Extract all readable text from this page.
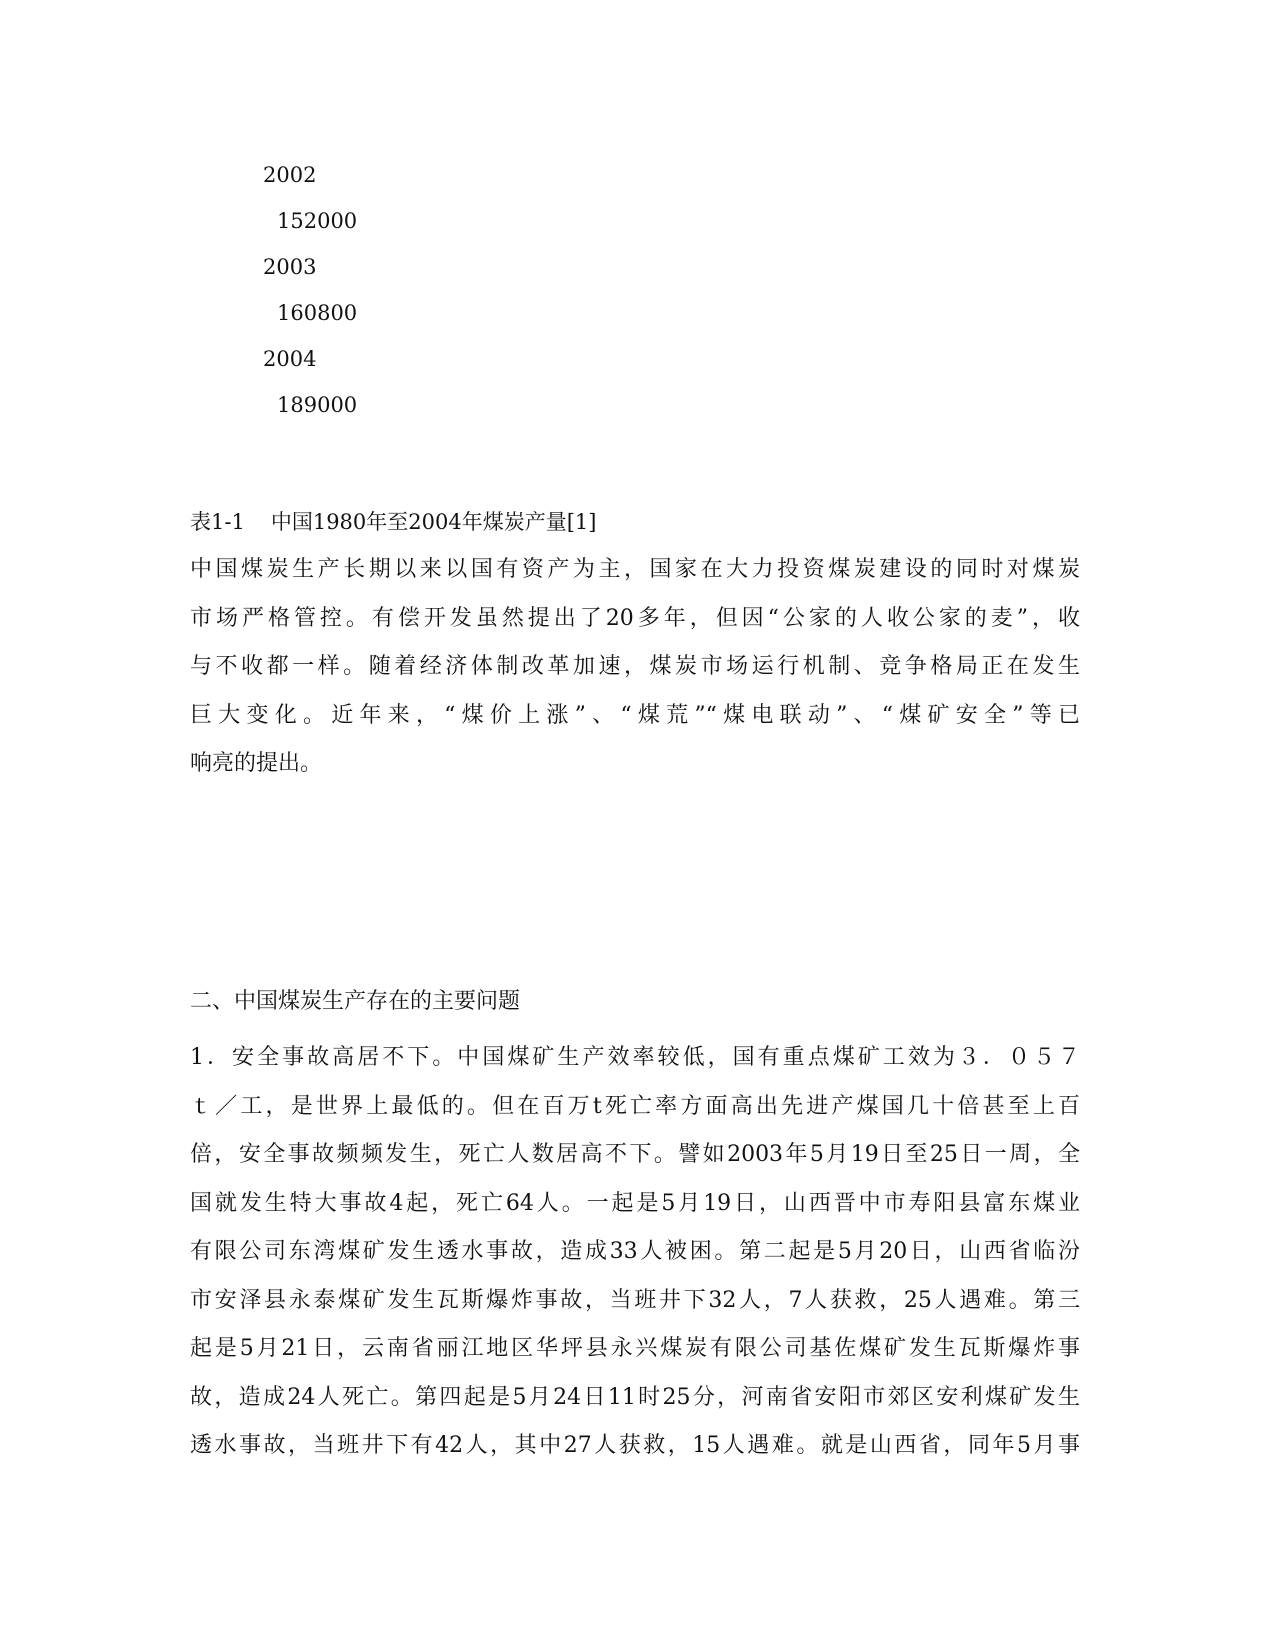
2002
152000
2003
160800
2004
189000
表1-1 中国1980年至2004年煤炭产量[1]

中国煤炭生产长期以来以国有资产为主，国家在大力投资煤炭建设的同时对煤炭
市场严格管控。有偿开发虽然提出了20多年，但因“公家的人收公家的麦”，收
与不收都一样。随着经济体制改革加速，煤炭市场运行机制、竞争格局正在发生
巨大变化。近年来，“煤价上涨”、“煤荒”“煤电联动”、“煤矿安全”等已
响亮的提出。

二、中国煤炭生产存在的主要问题

1．安全事故高居不下。中国煤矿生产效率较低，国有重点煤矿工效为３．０５７
ｔ／工，是世界上最低的。但在百万t死亡率方面高出先进产煤国几十倍甚至上百
倍，安全事故频频发生，死亡人数居高不下。譬如2003年5月19日至25日一周，全
国就发生特大事故4起，死亡64人。一起是5月19日，山西晋中市寿阳县富东煤业
有限公司东湾煤矿发生透水事故，造成33人被困。第二起是5月20日，山西省临汾
市安泽县永泰煤矿发生瓦斯爆炸事故，当班井下32人，7人获救，25人遇难。第三
起是5月21日，云南省丽江地区华坪县永兴煤炭有限公司基佐煤矿发生瓦斯爆炸事
故，造成24人死亡。第四起是5月24日11时25分，河南省安阳市郊区安利煤矿发生
透水事故，当班井下有42人，其中27人获救，15人遇难。就是山西省，同年5月事
